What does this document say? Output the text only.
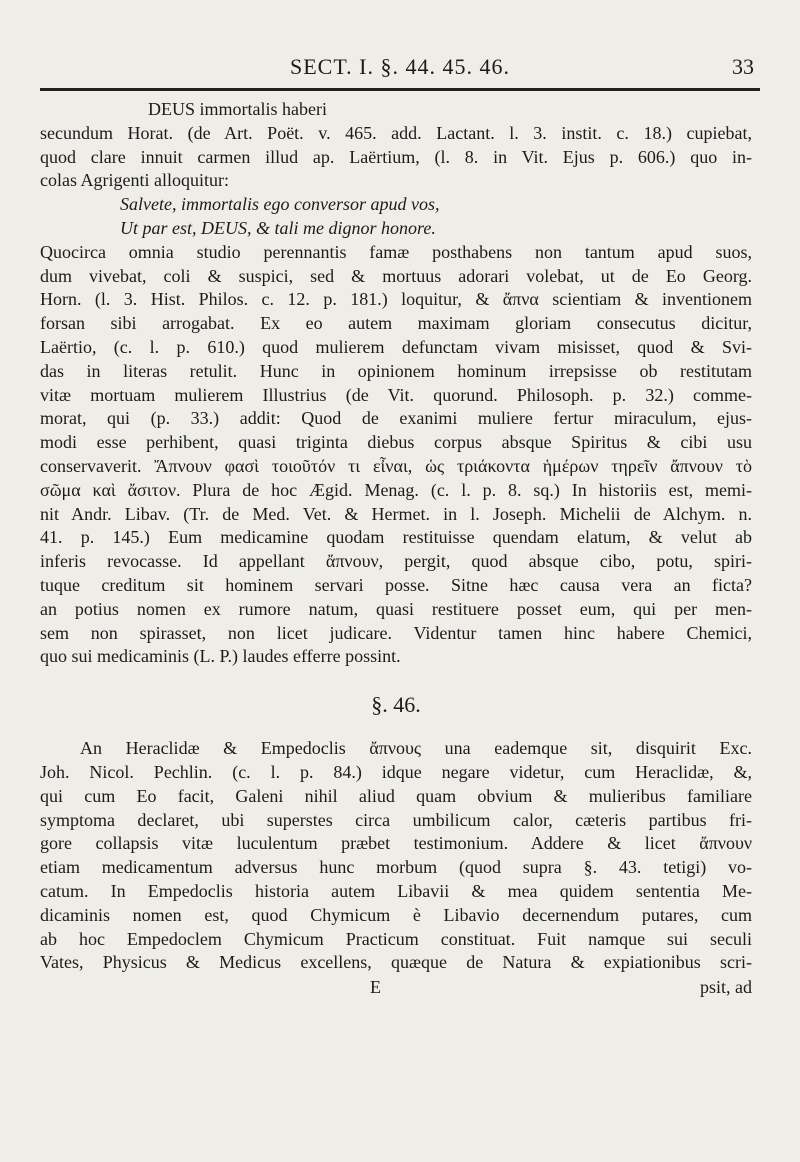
SECT. I. §. 44. 45. 46.	33
DEUS immortalis haberi
secundum Horat. (de Art. Poët. v. 465. add. Lactant. l. 3. instit. c. 18.) cupiebat,
quod clare innuit carmen illud ap. Laërtium, (l. 8. in Vit. Ejus p. 606.) quo in-
colas Agrigenti alloquitur:
Salvete, immortalis ego conversor apud vos,
Ut par est, DEUS, & tali me dignor honore.
Quocirca omnia studio perennantis famæ posthabens non tantum apud suos,
dum vivebat, coli & suspici, sed & mortuus adorari volebat, ut de Eo Georg.
Horn. (l. 3. Hist. Philos. c. 12. p. 181.) loquitur, & ἄπνα scientiam & inventionem
forsan sibi arrogabat. Ex eo autem maximam gloriam consecutus dicitur,
Laërtio, (c. l. p. 610.) quod mulierem defunctam vivam misisset, quod & Svi-
das in literas retulit. Hunc in opinionem hominum irrepsisse ob restitutam
vitæ mortuam mulierem Illustrius (de Vit. quorund. Philosoph. p. 32.) comme-
morat, qui (p. 33.) addit: Quod de exanimi muliere fertur miraculum, ejus-
modi esse perhibent, quasi triginta diebus corpus absque Spiritus & cibi usu
conservaverit. Ἄπνουν φασὶ τοιοῦτόν τι εἶναι, ὡς τριάκοντα ἡμέρων τηρεῖν ἄπνουν τὸ
σῶμα καὶ ἄσιτον. Plura de hoc Ægid. Menag. (c. l. p. 8. sq.) In historiis est, memi-
nit Andr. Libav. (Tr. de Med. Vet. & Hermet. in l. Joseph. Michelii de Alchym. n.
41. p. 145.) Eum medicamine quodam restituisse quendam elatum, & velut ab
inferis revocasse. Id appellant ἄπνουν, pergit, quod absque cibo, potu, spiri-
tuque creditum sit hominem servari posse. Sitne hæc causa vera an ficta?
an potius nomen ex rumore natum, quasi restituere posset eum, qui per men-
sem non spirasset, non licet judicare. Videntur tamen hinc habere Chemici,
quo sui medicaminis (L. P.) laudes efferre possint.
§. 46.
An Heraclidæ & Empedoclis ἄπνους una eademque sit, disquirit Exc.
Joh. Nicol. Pechlin. (c. l. p. 84.) idque negare videtur, cum Heraclidæ, &,
qui cum Eo facit, Galeni nihil aliud quam obvium & mulieribus familiare
symptoma declaret, ubi superstes circa umbilicum calor, cæteris partibus fri-
gore collapsis vitæ luculentum præbet testimonium. Addere & licet ἄπνουν
etiam medicamentum adversus hunc morbum (quod supra §. 43. tetigi) vo-
catum. In Empedoclis historia autem Libavii & mea quidem sententia Me-
dicaminis nomen est, quod Chymicum è Libavio decernendum putares, cum
ab hoc Empedoclem Chymicum Practicum constituat. Fuit namque sui seculi
Vates, Physicus & Medicus excellens, quæque de Natura & expiationibus scri-
E	psit, ad
